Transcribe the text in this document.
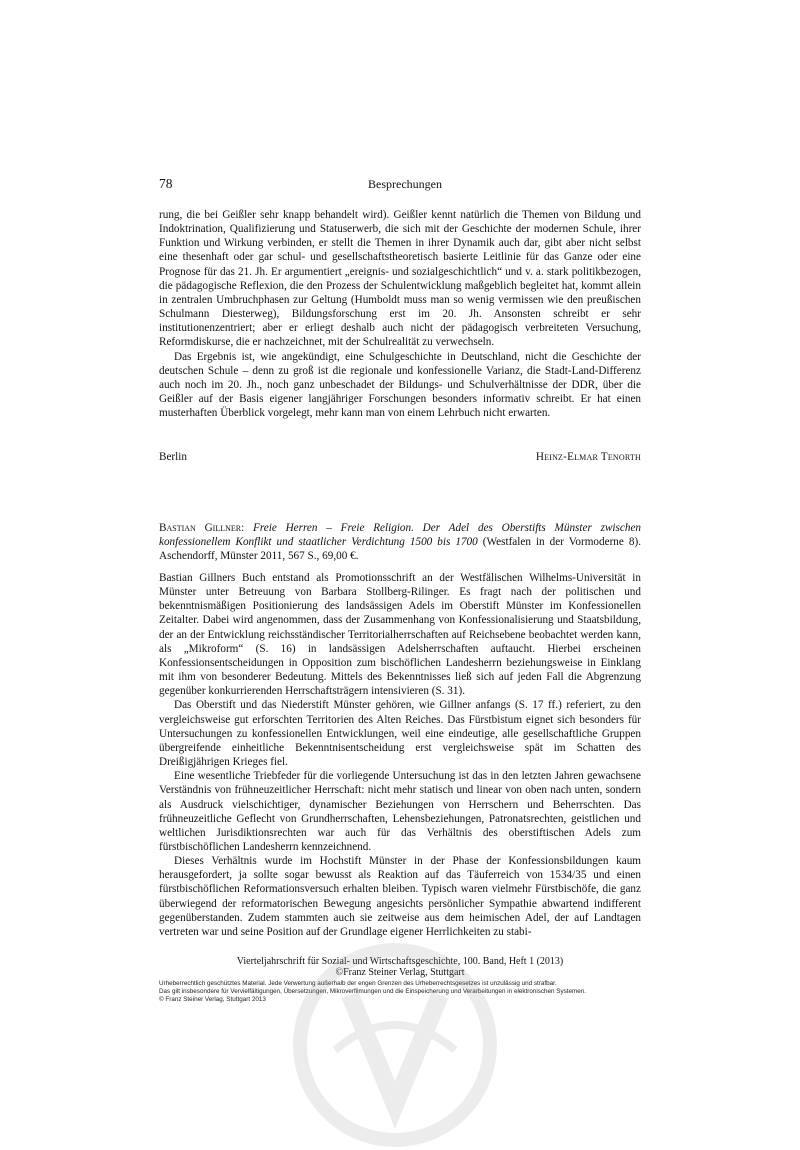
78	Besprechungen

rung, die bei Geißler sehr knapp behandelt wird). Geißler kennt natürlich die Themen von Bildung und Indoktrination, Qualifizierung und Statuserwerb, die sich mit der Geschichte der modernen Schule, ihrer Funktion und Wirkung verbinden, er stellt die Themen in ihrer Dynamik auch dar, gibt aber nicht selbst eine thesenhaft oder gar schul- und gesellschaftstheoretisch basierte Leitlinie für das Ganze oder eine Prognose für das 21. Jh. Er argumentiert „ereignis- und sozialgeschichtlich“ und v. a. stark politikbezogen, die pädagogische Reflexion, die den Prozess der Schulentwicklung maßgeblich begleitet hat, kommt allein in zentralen Umbruchphasen zur Geltung (Humboldt muss man so wenig vermissen wie den preußischen Schulmann Diesterweg), Bildungsforschung erst im 20. Jh. Ansonsten schreibt er sehr institutionenzentriert; aber er erliegt deshalb auch nicht der pädagogisch verbreiteten Versuchung, Reformdiskurse, die er nachzeichnet, mit der Schulrealität zu verwechseln.

Das Ergebnis ist, wie angekündigt, eine Schulgeschichte in Deutschland, nicht die Geschichte der deutschen Schule – denn zu groß ist die regionale und konfessionelle Varianz, die Stadt-Land-Differenz auch noch im 20. Jh., noch ganz unbeschadet der Bildungs- und Schulverhältnisse der DDR, über die Geißler auf der Basis eigener langjähriger Forschungen besonders informativ schreibt. Er hat einen musterhaften Überblick vorgelegt, mehr kann man von einem Lehrbuch nicht erwarten.

Berlin	Heinz-Elmar Tenorth
Bastian Gillner: Freie Herren – Freie Religion. Der Adel des Oberstifts Münster zwischen konfessionellem Konflikt und staatlicher Verdichtung 1500 bis 1700 (Westfalen in der Vormoderne 8). Aschendorff, Münster 2011, 567 S., 69,00 €.

Bastian Gillners Buch entstand als Promotionsschrift an der Westfälischen Wilhelms-Universität in Münster unter Betreuung von Barbara Stollberg-Rilinger. Es fragt nach der politischen und bekenntnismäßigen Positionierung des landsässigen Adels im Oberstift Münster im Konfessionellen Zeitalter. Dabei wird angenommen, dass der Zusammenhang von Konfessionalisierung und Staatsbildung, der an der Entwicklung reichsständischer Territorialherrschaften auf Reichsebene beobachtet werden kann, als „Mikroform“ (S. 16) in landsässigen Adelsherrschaften auftaucht. Hierbei erscheinen Konfessionsentscheidungen in Opposition zum bischöflichen Landesherrn beziehungsweise in Einklang mit ihm von besonderer Bedeutung. Mittels des Bekenntnisses ließ sich auf jeden Fall die Abgrenzung gegenüber konkurrierenden Herrschaftsträgern intensivieren (S. 31).

Das Oberstift und das Niederstift Münster gehören, wie Gillner anfangs (S. 17 ff.) referiert, zu den vergleichsweise gut erforschten Territorien des Alten Reiches. Das Fürstbistum eignet sich besonders für Untersuchungen zu konfessionellen Entwicklungen, weil eine eindeutige, alle gesellschaftliche Gruppen übergreifende einheitliche Bekenntnisentscheidung erst vergleichsweise spät im Schatten des Dreißigjährigen Krieges fiel.

Eine wesentliche Triebfeder für die vorliegende Untersuchung ist das in den letzten Jahren gewachsene Verständnis von frühneuzeitlicher Herrschaft: nicht mehr statisch und linear von oben nach unten, sondern als Ausdruck vielschichtiger, dynamischer Beziehungen von Herrschern und Beherrschten. Das frühneuzeitliche Geflecht von Grundherrschaften, Lehensbeziehungen, Patronatsrechten, geistlichen und weltlichen Jurisdiktionsrechten war auch für das Verhältnis des oberstiftischen Adels zum fürstbischöflichen Landesherrn kennzeichnend.

Dieses Verhältnis wurde im Hochstift Münster in der Phase der Konfessionsbildungen kaum herausgefordert, ja sollte sogar bewusst als Reaktion auf das Täuferreich von 1534/35 und einen fürstbischöflichen Reformationsversuch erhalten bleiben. Typisch waren vielmehr Fürstbischöfe, die ganz überwiegend der reformatorischen Bewegung angesichts persönlicher Sympathie abwartend indifferent gegenüberstanden. Zudem stammten auch sie zeitweise aus dem heimischen Adel, der auf Landtagen vertreten war und seine Position auf der Grundlage eigener Herrlichkeiten zu stabi-

Vierteljahrschrift für Sozial- und Wirtschaftsgeschichte, 100. Band, Heft 1 (2013)
©Franz Steiner Verlag, Stuttgart
Urheberrechtlich geschütztes Material. Jede Verwertung außerhalb der engen Grenzen des Urheberrechtsgesetzes ist unzulässig und strafbar.
Das gilt insbesondere für Vervielfältigungen, Übersetzungen, Mikroverfilmungen und die Einspeicherung und Verarbeitungen in elektronischen Systemen.
© Franz Steiner Verlag, Stuttgart 2013
